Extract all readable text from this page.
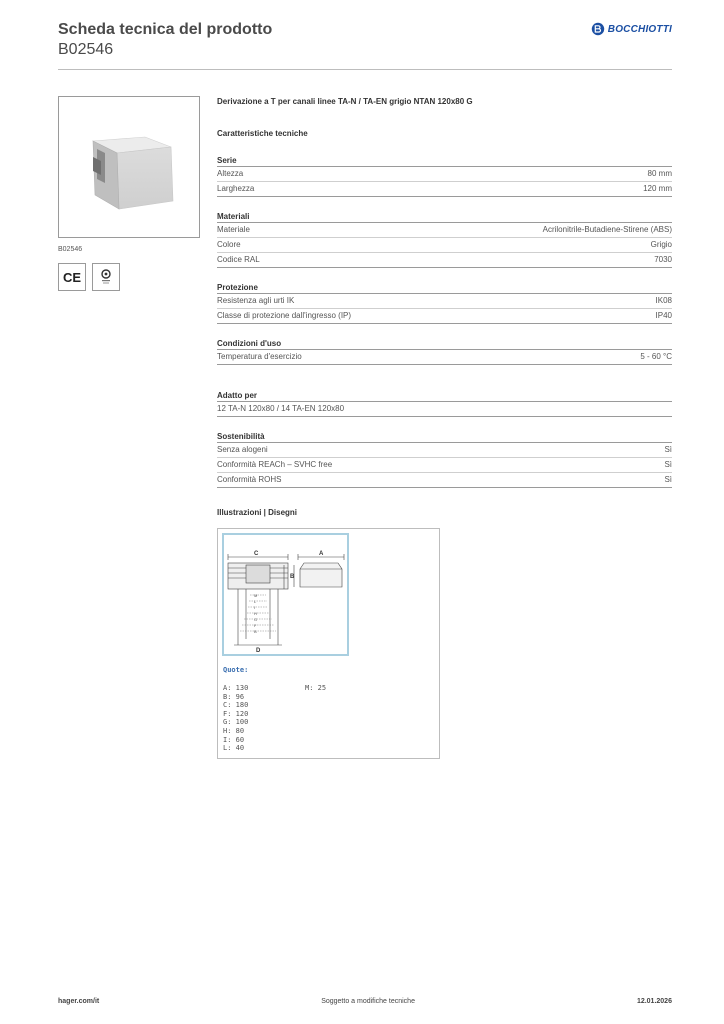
Scheda tecnica del prodotto
B02546
BOCCHIOTTI
B02546
CE
Derivazione a T per canali linee TA-N / TA-EN grigio NTAN 120x80 G
Caratteristiche tecniche
Serie
Altezza	80 mm
Larghezza	120 mm
Materiali
Materiale	Acrilonitrile-Butadiene-Stirene (ABS)
Colore	Grigio
Codice RAL	7030
Protezione
Resistenza agli urti IK	IK08
Classe di protezione dall'ingresso (IP)	IP40
Condizioni d'uso
Temperatura d'esercizio	5 - 60 °C
Adatto per
12 TA-N 120x80 / 14 TA-EN 120x80
Sostenibilità
Senza alogeni	Sì
Conformità REACh – SVHC free	Sì
Conformità ROHS	Sì
Illustrazioni | Disegni
C	A
B
D
M
L
I
H
G
F
B
Quote:
A: 130
B: 96
C: 180
F: 120
G: 100
H: 80
I: 60
L: 40
M: 25
hager.com/it	Soggetto a modifiche tecniche	12.01.2026
